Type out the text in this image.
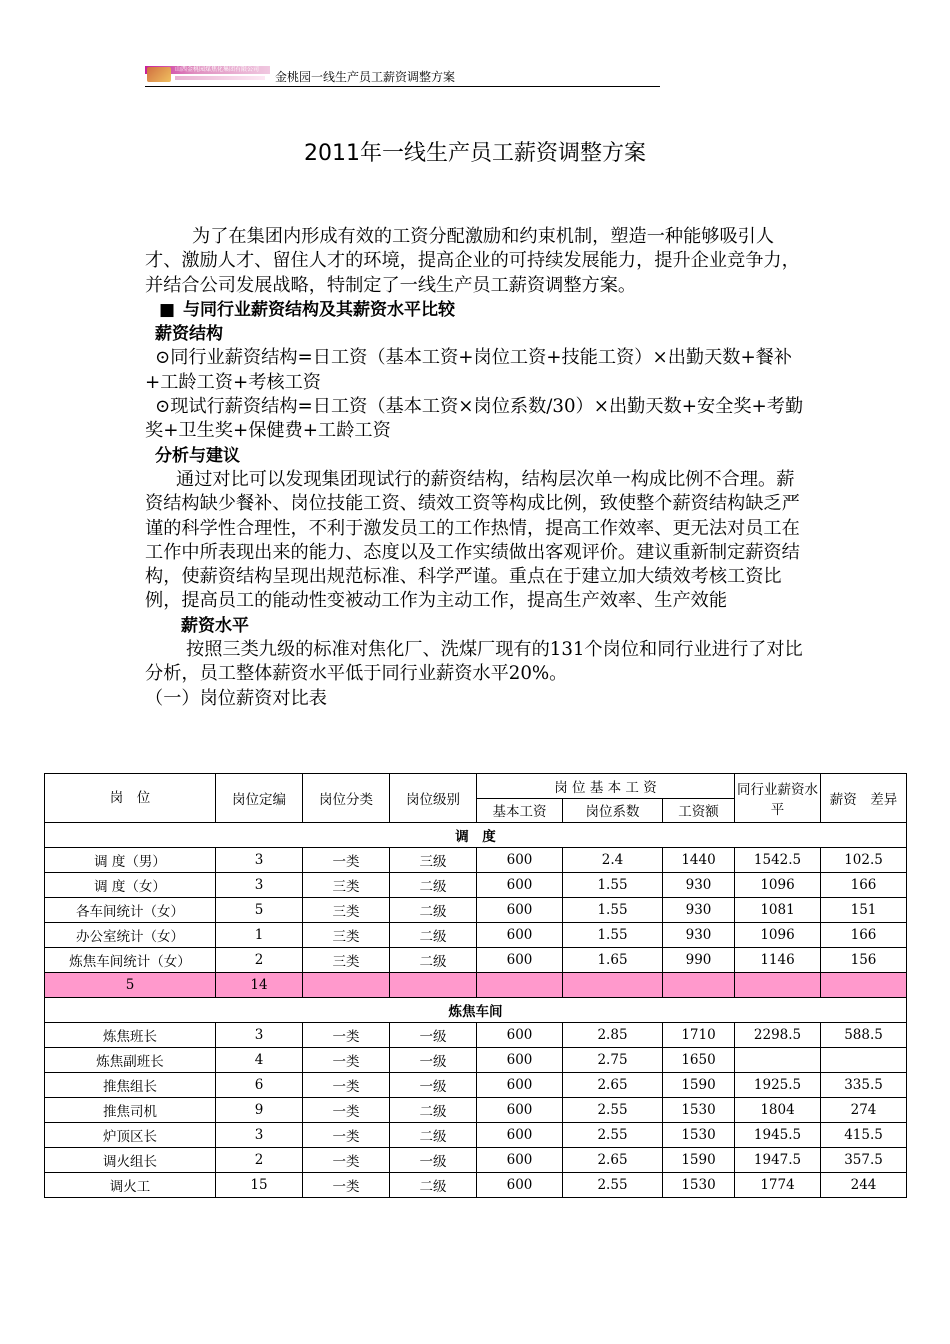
山西金桃园煤焦化集团有限公司
金桃园一线生产员工薪资调整方案
2011年一线生产员工薪资调整方案

为了在集团内形成有效的工资分配激励和约束机制，塑造一种能够吸引人才、激励人才、留住人才的环境，提高企业的可持续发展能力，提升企业竞争力，并结合公司发展战略，特制定了一线生产员工薪资调整方案。

■ 与同行业薪资结构及其薪资水平比较

薪资结构

⊙同行业薪资结构=日工资（基本工资+岗位工资+技能工资）×出勤天数+餐补+工龄工资+考核工资

⊙现试行薪资结构=日工资（基本工资×岗位系数/30）×出勤天数+安全奖+考勤奖+卫生奖+保健费+工龄工资

分析与建议

通过对比可以发现集团现试行的薪资结构，结构层次单一构成比例不合理。薪资结构缺少餐补、岗位技能工资、绩效工资等构成比例，致使整个薪资结构缺乏严谨的科学性合理性，不利于激发员工的工作热情，提高工作效率、更无法对员工在工作中所表现出来的能力、态度以及工作实绩做出客观评价。建议重新制定薪资结构，使薪资结构呈现出规范标准、科学严谨。重点在于建立加大绩效考核工资比例，提高员工的能动性变被动工作为主动工作，提高生产效率、生产效能

薪资水平

按照三类九级的标准对焦化厂、洗煤厂现有的131个岗位和同行业进行了对比分析，员工整体薪资水平低于同行业薪资水平20%。

（一）岗位薪资对比表

岗　位	岗位定编	岗位分类	岗位级别	岗 位 基 本 工 资			同行业薪资水平	薪资　差异
				基本工资	岗位系数	工资额		
调　度								
调 度（男）	3	一类	三级	600	2.4	1440	1542.5	102.5
调 度（女）	3	三类	二级	600	1.55	930	1096	166
各车间统计（女）	5	三类	二级	600	1.55	930	1081	151
办公室统计（女）	1	三类	二级	600	1.55	930	1096	166
炼焦车间统计（女）	2	三类	二级	600	1.65	990	1146	156
5	14							
炼焦车间								
炼焦班长	3	一类	一级	600	2.85	1710	2298.5	588.5
炼焦副班长	4	一类	一级	600	2.75	1650		
推焦组长	6	一类	一级	600	2.65	1590	1925.5	335.5
推焦司机	9	一类	二级	600	2.55	1530	1804	274
炉顶区长	3	一类	二级	600	2.55	1530	1945.5	415.5
调火组长	2	一类	一级	600	2.65	1590	1947.5	357.5
调火工	15	一类	二级	600	2.55	1530	1774	244
